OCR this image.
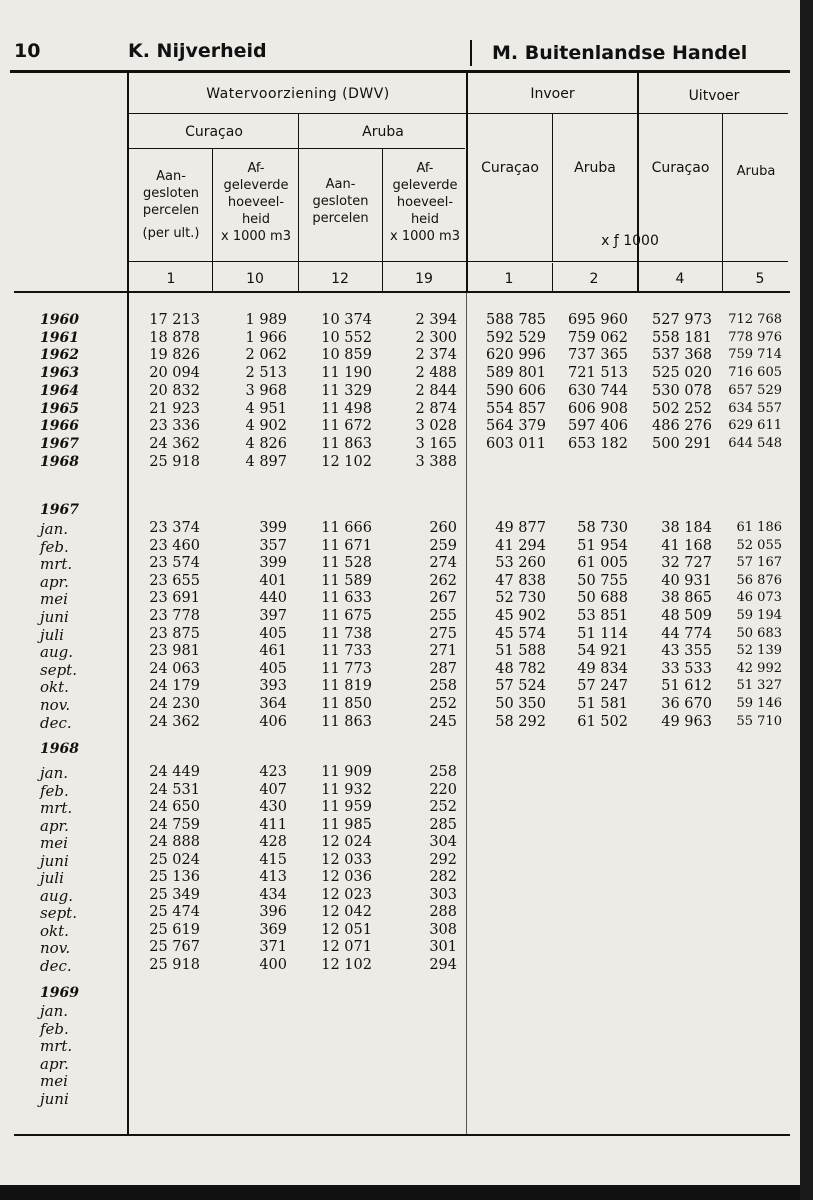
10	K. Nijverheid	M. Buitenlandse Handel
Watervoorziening (DWV)	Invoer	Uitvoer
Curaçao	Aruba
Aan-
gesloten
percelen
(per ult.)
Af-
geleverde
hoeveel-
heid
x 1000 m3
Aan-
gesloten
percelen
Af-
geleverde
hoeveel-
heid
x 1000 m3
Curaçao	Aruba	Curaçao	Aruba
x ƒ 1000
1	10	12	19	1	2	4	5
1960	17 213	1 989	10 374	2 394	588 785	695 960	527 973	712 768
1961	18 878	1 966	10 552	2 300	592 529	759 062	558 181	778 976
1962	19 826	2 062	10 859	2 374	620 996	737 365	537 368	759 714
1963	20 094	2 513	11 190	2 488	589 801	721 513	525 020	716 605
1964	20 832	3 968	11 329	2 844	590 606	630 744	530 078	657 529
1965	21 923	4 951	11 498	2 874	554 857	606 908	502 252	634 557
1966	23 336	4 902	11 672	3 028	564 379	597 406	486 276	629 611
1967	24 362	4 826	11 863	3 165	603 011	653 182	500 291	644 548
1968	25 918	4 897	12 102	3 388
1967
jan.	23 374	399	11 666	260	49 877	58 730	38 184	61 186
feb.	23 460	357	11 671	259	41 294	51 954	41 168	52 055
mrt.	23 574	399	11 528	274	53 260	61 005	32 727	57 167
apr.	23 655	401	11 589	262	47 838	50 755	40 931	56 876
mei	23 691	440	11 633	267	52 730	50 688	38 865	46 073
juni	23 778	397	11 675	255	45 902	53 851	48 509	59 194
juli	23 875	405	11 738	275	45 574	51 114	44 774	50 683
aug.	23 981	461	11 733	271	51 588	54 921	43 355	52 139
sept.	24 063	405	11 773	287	48 782	49 834	33 533	42 992
okt.	24 179	393	11 819	258	57 524	57 247	51 612	51 327
nov.	24 230	364	11 850	252	50 350	51 581	36 670	59 146
dec.	24 362	406	11 863	245	58 292	61 502	49 963	55 710
1968
jan.	24 449	423	11 909	258
feb.	24 531	407	11 932	220
mrt.	24 650	430	11 959	252
apr.	24 759	411	11 985	285
mei	24 888	428	12 024	304
juni	25 024	415	12 033	292
juli	25 136	413	12 036	282
aug.	25 349	434	12 023	303
sept.	25 474	396	12 042	288
okt.	25 619	369	12 051	308
nov.	25 767	371	12 071	301
dec.	25 918	400	12 102	294
1969
jan.
feb.
mrt.
apr.
mei
juni
